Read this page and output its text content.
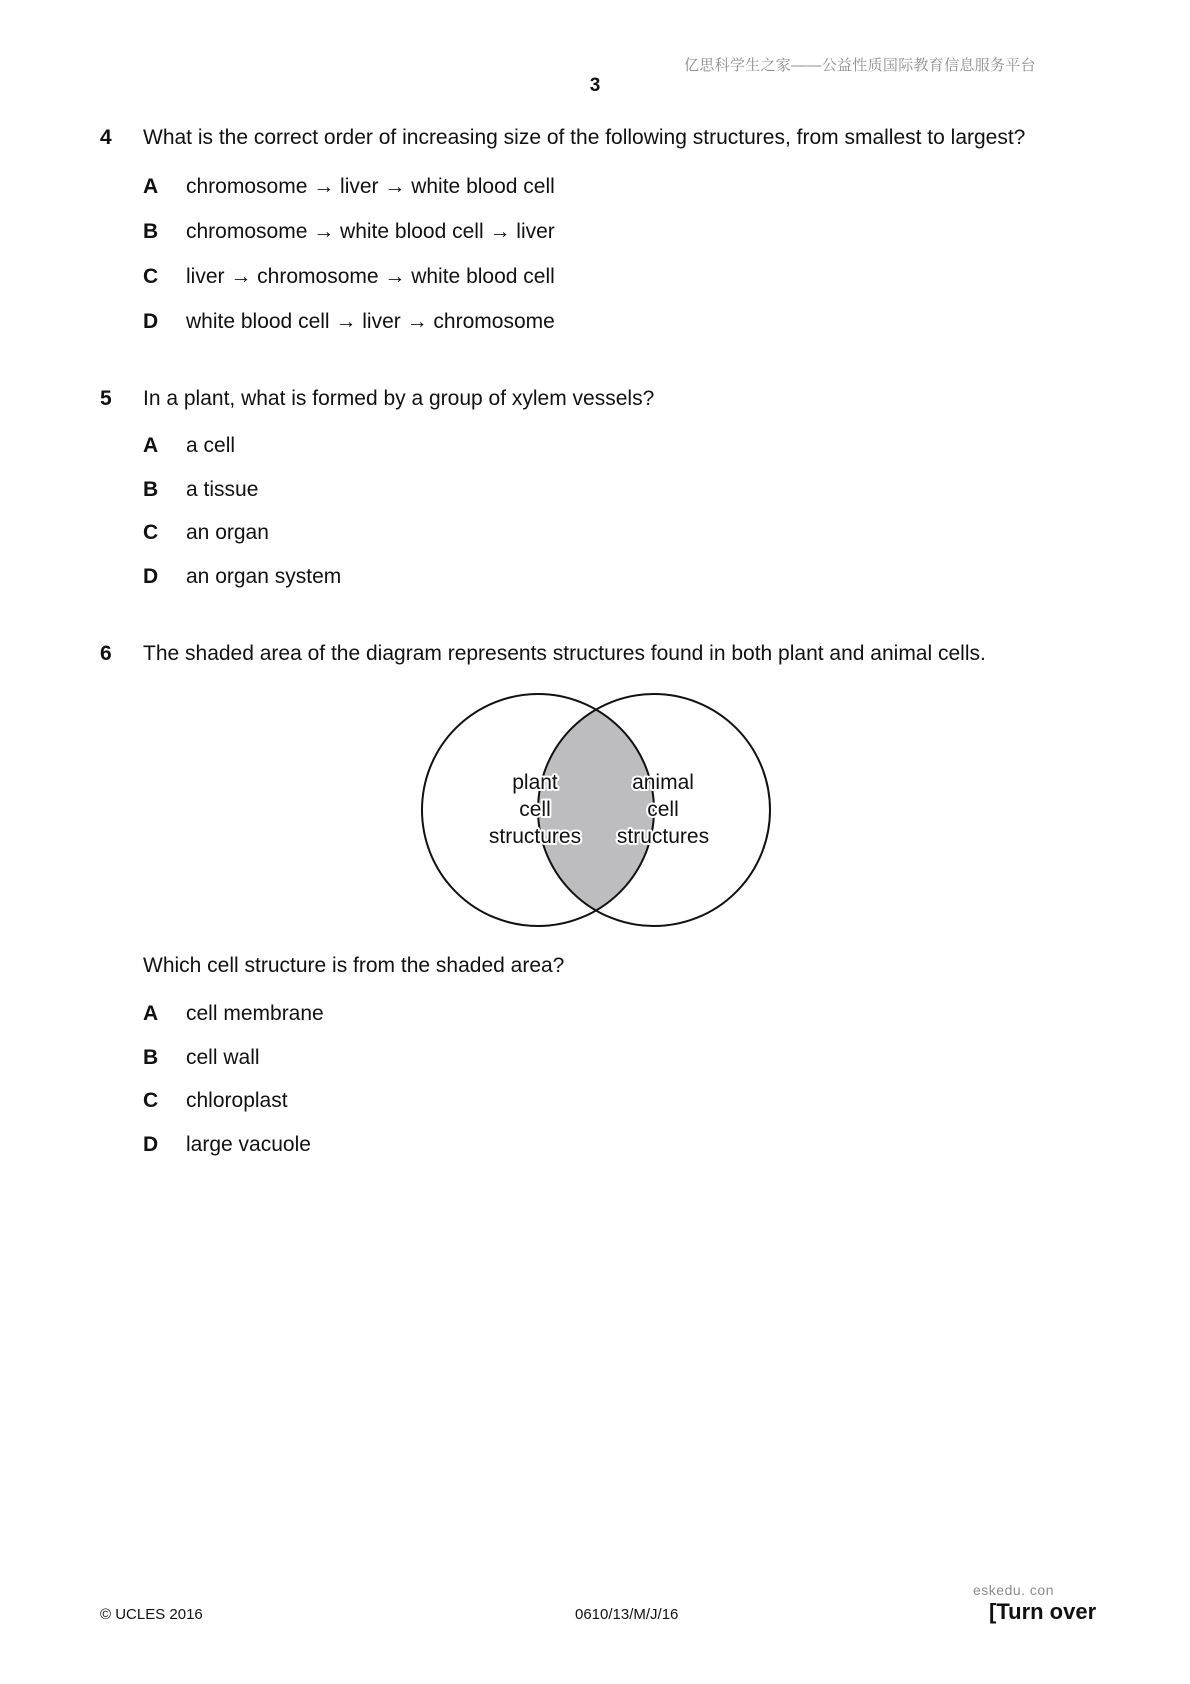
亿思科学生之家——公益性质国际教育信息服务平台
3
4 What is the correct order of increasing size of the following structures, from smallest to largest?
A chromosome → liver → white blood cell
B chromosome → white blood cell → liver
C liver → chromosome → white blood cell
D white blood cell → liver → chromosome
5 In a plant, what is formed by a group of xylem vessels?
A a cell
B a tissue
C an organ
D an organ system
6 The shaded area of the diagram represents structures found in both plant and animal cells.
plant
cell
structures
animal
cell
structures
Which cell structure is from the shaded area?
A cell membrane
B cell wall
C chloroplast
D large vacuole
© UCLES 2016	0610/13/M/J/16
eskedu. con
[Turn over
